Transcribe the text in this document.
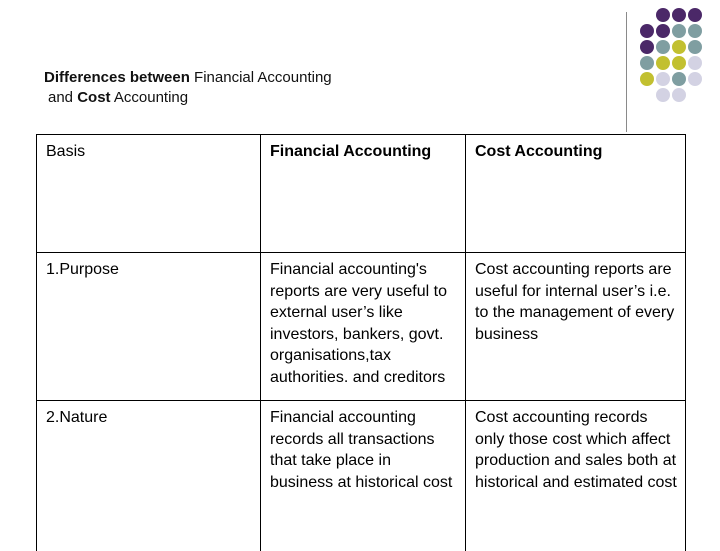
Differences between Financial Accounting
and Cost Accounting
Basis	Financial Accounting	Cost Accounting
1.Purpose	Financial accounting's reports are very useful to external user’s like investors, bankers, govt. organisations,tax authorities. and creditors	Cost accounting reports are useful for internal user’s i.e. to the management of every business
2.Nature	Financial accounting records all transactions that take place in business at historical cost	Cost accounting records only those cost which affect production and sales both at historical and estimated cost
